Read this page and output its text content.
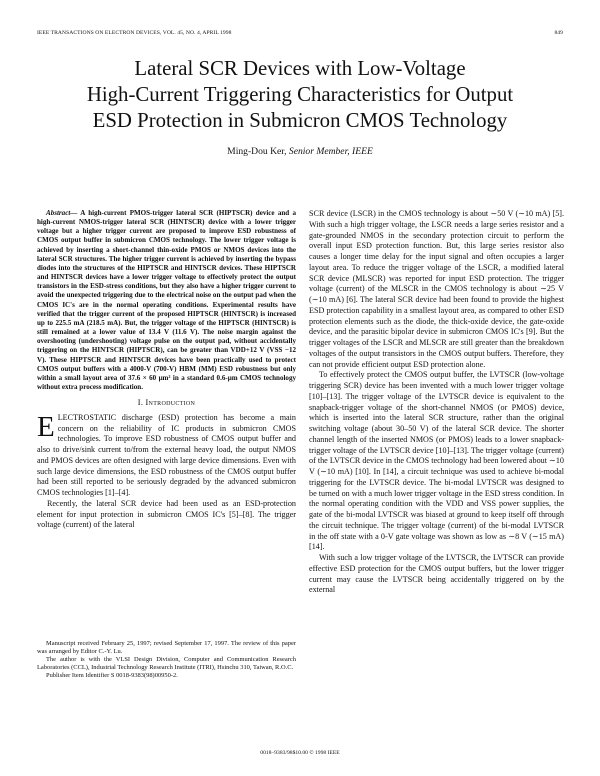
IEEE TRANSACTIONS ON ELECTRON DEVICES, VOL. 45, NO. 4, APRIL 1998	849
Lateral SCR Devices with Low-Voltage
High-Current Triggering Characteristics for Output
ESD Protection in Submicron CMOS Technology
Ming-Dou Ker, Senior Member, IEEE

Abstract— A high-current PMOS-trigger lateral SCR (HIPTSCR) device and a high-current NMOS-trigger lateral SCR (HINTSCR) device with a lower trigger voltage but a higher trigger current are proposed to improve ESD robustness of CMOS output buffer in submicron CMOS technology. The lower trigger voltage is achieved by inserting a short-channel thin-oxide PMOS or NMOS devices into the lateral SCR structures. The higher trigger current is achieved by inserting the bypass diodes into the structures of the HIPTSCR and HINTSCR devices. These HIPTSCR and HINTSCR devices have a lower trigger voltage to effectively protect the output transistors in the ESD-stress conditions, but they also have a higher trigger current to avoid the unexpected triggering due to the electrical noise on the output pad when the CMOS IC's are in the normal operating conditions. Experimental results have verified that the trigger current of the proposed HIPTSCR (HINTSCR) is increased up to 225.5 mA (218.5 mA). But, the trigger voltage of the HIPTSCR (HINTSCR) is still remained at a lower value of 13.4 V (11.6 V). The noise margin against the overshooting (undershooting) voltage pulse on the output pad, without accidentally triggering on the HINTSCR (HIPTSCR), can be greater than VDD+12 V (VSS −12 V). These HIPTSCR and HINTSCR devices have been practically used to protect CMOS output buffers with a 4000-V (700-V) HBM (MM) ESD robustness but only within a small layout area of 37.6 × 60 μm² in a standard 0.6-μm CMOS technology without extra process modification.

I. Introduction

ELECTROSTATIC discharge (ESD) protection has become a main concern on the reliability of IC products in submicron CMOS technologies. To improve ESD robustness of CMOS output buffer and also to drive/sink current to/from the external heavy load, the output NMOS and PMOS devices are often designed with large device dimensions. Even with such large device dimensions, the ESD robustness of the CMOS output buffer had been still reported to be seriously degraded by the advanced submicron CMOS technologies [1]–[4].

Recently, the lateral SCR device had been used as an ESD-protection element for input protection in submicron CMOS IC's [5]–[8]. The trigger voltage (current) of the lateral

SCR device (LSCR) in the CMOS technology is about ∼50 V (∼10 mA) [5]. With such a high trigger voltage, the LSCR needs a large series resistor and a gate-grounded NMOS in the secondary protection circuit to perform the overall input ESD protection function. But, this large series resistor also causes a longer time delay for the input signal and often occupies a larger layout area. To reduce the trigger voltage of the LSCR, a modified lateral SCR device (MLSCR) was reported for input ESD protection. The trigger voltage (current) of the MLSCR in the CMOS technology is about ∼25 V (∼10 mA) [6]. The lateral SCR device had been found to provide the highest ESD protection capability in a smallest layout area, as compared to other ESD protection elements such as the diode, the thick-oxide device, the gate-oxide device, and the parasitic bipolar device in submicron CMOS IC's [9]. But the trigger voltages of the LSCR and MLSCR are still greater than the breakdown voltages of the output transistors in the CMOS output buffers. Therefore, they can not provide efficient output ESD protection alone.

To effectively protect the CMOS output buffer, the LVTSCR (low-voltage triggering SCR) device has been invented with a much lower trigger voltage [10]–[13]. The trigger voltage of the LVTSCR device is equivalent to the snapback-trigger voltage of the short-channel NMOS (or PMOS) device, which is inserted into the lateral SCR structure, rather than the original switching voltage (about 30–50 V) of the lateral SCR device. The shorter channel length of the inserted NMOS (or PMOS) leads to a lower snapback-trigger voltage of the LVTSCR device [10]–[13]. The trigger voltage (current) of the LVTSCR device in the CMOS technology had been lowered about ∼10 V (∼10 mA) [10]. In [14], a circuit technique was used to achieve bi-modal triggering for the LVTSCR device. The bi-modal LVTSCR was designed to be turned on with a much lower trigger voltage in the ESD stress condition. In the normal operating condition with the VDD and VSS power supplies, the gate of the bi-modal LVTSCR was biased at ground to keep itself off through the circuit technique. The trigger voltage (current) of the bi-modal LVTSCR in the off state with a 0-V gate voltage was shown as low as ∼8 V (∼15 mA) [14].

With such a low trigger voltage of the LVTSCR, the LVTSCR can provide effective ESD protection for the CMOS output buffers, but the lower trigger current may cause the LVTSCR being accidentally triggered on by the external

Manuscript received February 25, 1997; revised September 17, 1997. The review of this paper was arranged by Editor C.-Y. Lu.

The author is with the VLSI Design Division, Computer and Communication Research Laboratories (CCL), Industrial Technology Research Institute (ITRI), Hsinchu 310, Taiwan, R.O.C.

Publisher Item Identifier S 0018-9383(98)00950-2.

0018–9383/98$10.00 © 1998 IEEE
